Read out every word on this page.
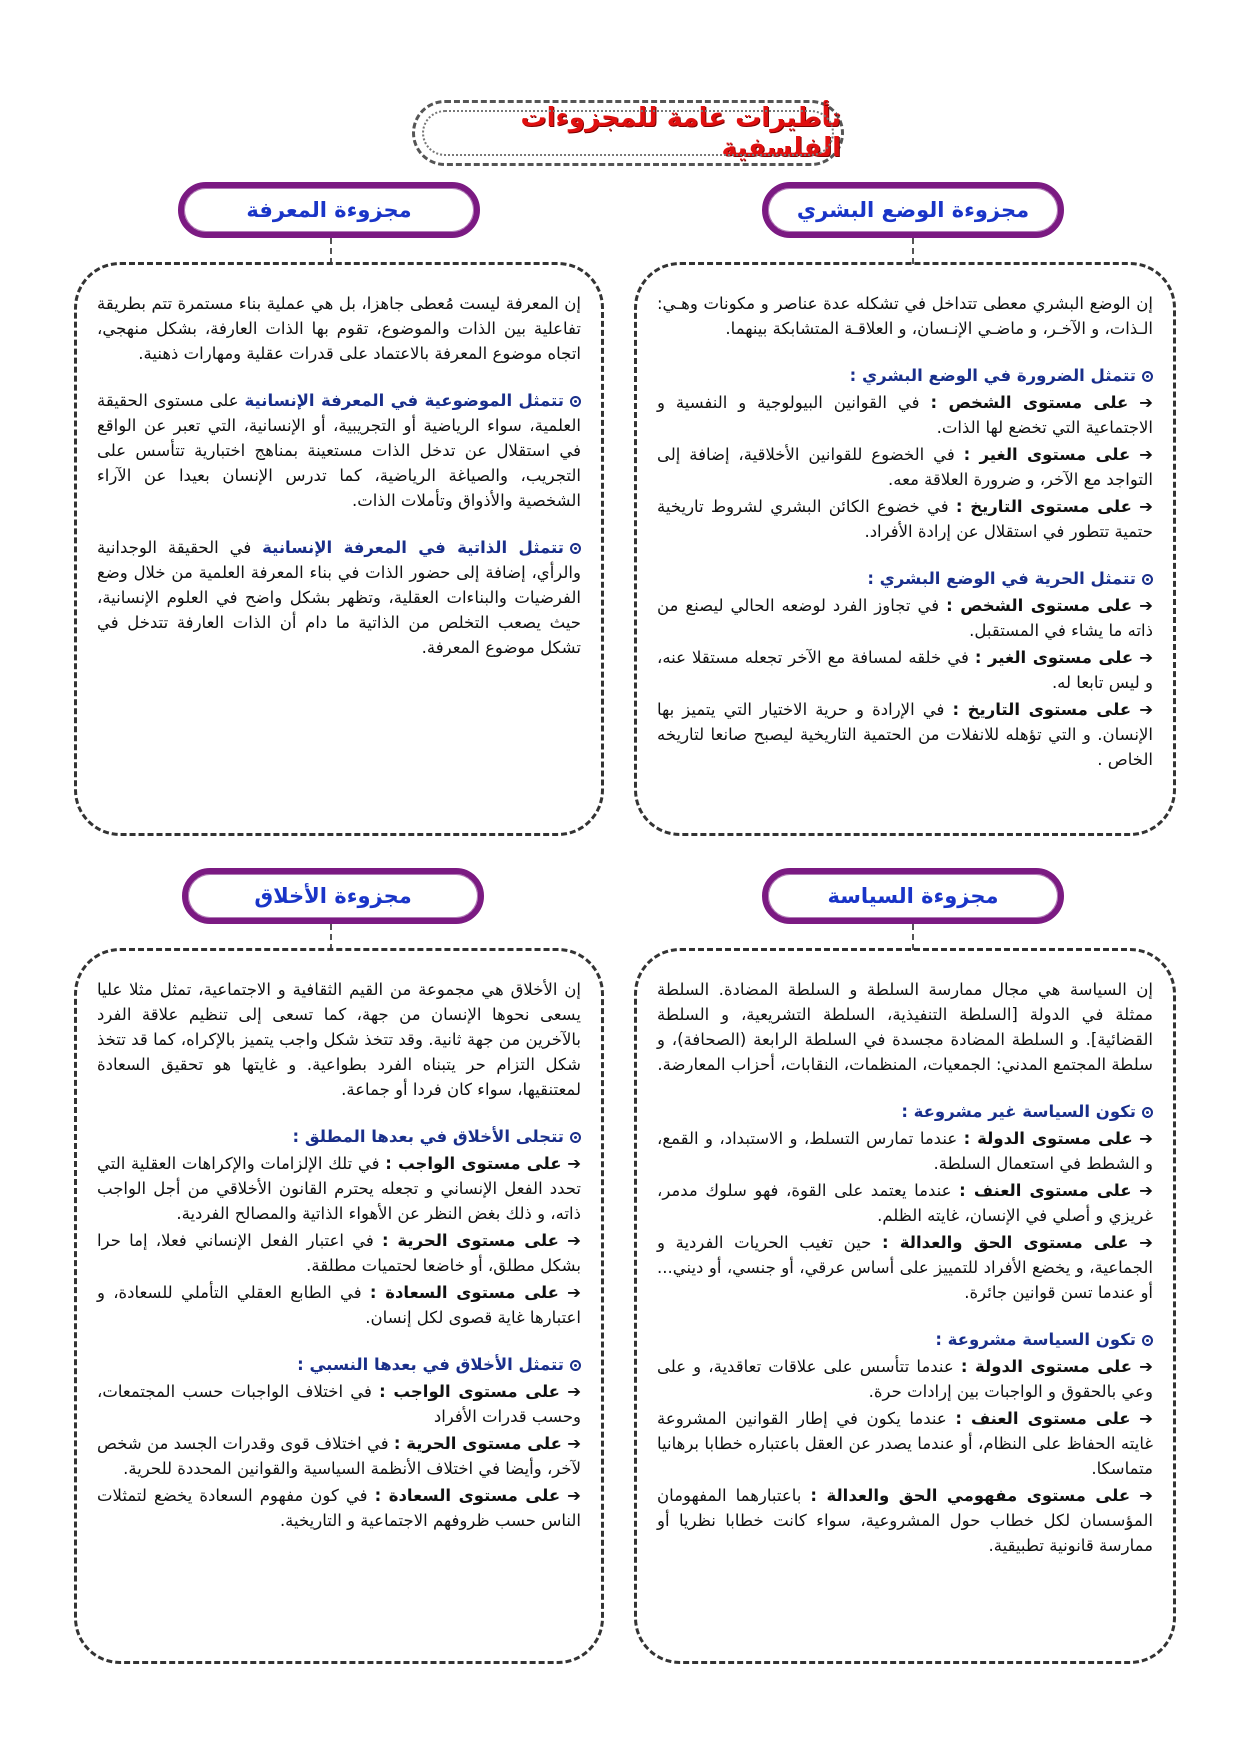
تأطيرات عامة للمجزوءات الفلسفية
مجزوءة الوضع البشري
مجزوءة المعرفة
مجزوءة السياسة
مجزوءة الأخلاق

إن الوضع البشري معطى تتداخل في تشكله عدة عناصر و مكونات وهـي: الـذات، و الآخـر، و ماضـي الإنـسان، و العلاقـة المتشابكة بينهما.

تتمثل الضرورة في الوضع البشري :

➔ على مستوى الشخص : في القوانين البيولوجية و النفسية و الاجتماعية التي تخضع لها الذات.

➔ على مستوى الغير : في الخضوع للقوانين الأخلاقية، إضافة إلى التواجد مع الآخر، و ضرورة العلاقة معه.

➔ على مستوى التاريخ : في خضوع الكائن البشري لشروط تاريخية حتمية تتطور في استقلال عن إرادة الأفراد.

تتمثل الحرية في الوضع البشري :

➔ على مستوى الشخص : في تجاوز الفرد لوضعه الحالي ليصنع من ذاته ما يشاء في المستقبل.

➔ على مستوى الغير : في خلقه لمسافة مع الآخر تجعله مستقلا عنه، و ليس تابعا له.

➔ على مستوى التاريخ : في الإرادة و حرية الاختيار التي يتميز بها الإنسان. و التي تؤهله للانفلات من الحتمية التاريخية ليصبح صانعا لتاريخه الخاص .

إن المعرفة ليست مُعطى جاهزا، بل هي عملية بناء مستمرة تتم بطريقة تفاعلية بين الذات والموضوع، تقوم بها الذات العارفة، بشكل منهجي، اتجاه موضوع المعرفة بالاعتماد على قدرات عقلية ومهارات ذهنية.

تتمثل الموضوعية في المعرفة الإنسانية على مستوى الحقيقة العلمية، سواء الرياضية أو التجريبية، أو الإنسانية، التي تعبر عن الواقع في استقلال عن تدخل الذات مستعينة بمناهج اختبارية تتأسس على التجريب، والصياغة الرياضية، كما تدرس الإنسان بعيدا عن الآراء الشخصية والأذواق وتأملات الذات.

تتمثل الذاتية في المعرفة الإنسانية في الحقيقة الوجدانية والرأي، إضافة إلى حضور الذات في بناء المعرفة العلمية من خلال وضع الفرضيات والبناءات العقلية، وتظهر بشكل واضح في العلوم الإنسانية، حيث يصعب التخلص من الذاتية ما دام أن الذات العارفة تتدخل في تشكل موضوع المعرفة.

إن السياسة هي مجال ممارسة السلطة و السلطة المضادة. السلطة ممثلة في الدولة [السلطة التنفيذية، السلطة التشريعية، و السلطة القضائية]. و السلطة المضادة مجسدة في السلطة الرابعة (الصحافة)، و سلطة المجتمع المدني: الجمعيات، المنظمات، النقابات، أحزاب المعارضة.

تكون السياسة غير مشروعة :

➔ على مستوى الدولة : عندما تمارس التسلط، و الاستبداد، و القمع، و الشطط في استعمال السلطة.

➔ على مستوى العنف : عندما يعتمد على القوة، فهو سلوك مدمر، غريزي و أصلي في الإنسان، غايته الظلم.

➔ على مستوى الحق والعدالة : حين تغيب الحريات الفردية و الجماعية، و يخضع الأفراد للتمييز على أساس عرقي، أو جنسي، أو ديني... أو عندما تسن قوانين جائرة.

تكون السياسة مشروعة :

➔ على مستوى الدولة : عندما تتأسس على علاقات تعاقدية، و على وعي بالحقوق و الواجبات بين إرادات حرة.

➔ على مستوى العنف : عندما يكون في إطار القوانين المشروعة غايته الحفاظ على النظام، أو عندما يصدر عن العقل باعتباره خطابا برهانيا متماسكا.

➔ على مستوى مفهومي الحق والعدالة : باعتبارهما المفهومان المؤسسان لكل خطاب حول المشروعية، سواء كانت خطابا نظريا أو ممارسة قانونية تطبيقية.

إن الأخلاق هي مجموعة من القيم الثقافية و الاجتماعية، تمثل مثلا عليا يسعى نحوها الإنسان من جهة، كما تسعى إلى تنظيم علاقة الفرد بالآخرين من جهة ثانية. وقد تتخذ شكل واجب يتميز بالإكراه، كما قد تتخذ شكل التزام حر يتبناه الفرد بطواعية. و غايتها هو تحقيق السعادة لمعتنقيها، سواء كان فردا أو جماعة.

تتجلى الأخلاق في بعدها المطلق :

➔ على مستوى الواجب : في تلك الإلزامات والإكراهات العقلية التي تحدد الفعل الإنساني و تجعله يحترم القانون الأخلاقي من أجل الواجب ذاته، و ذلك بغض النظر عن الأهواء الذاتية والمصالح الفردية.

➔ على مستوى الحرية : في اعتبار الفعل الإنساني فعلا، إما حرا بشكل مطلق، أو خاضعا لحتميات مطلقة.

➔ على مستوى السعادة : في الطابع العقلي التأملي للسعادة، و اعتبارها غاية قصوى لكل إنسان.

تتمثل الأخلاق في بعدها النسبي :

➔ على مستوى الواجب : في اختلاف الواجبات حسب المجتمعات، وحسب قدرات الأفراد

➔ على مستوى الحرية : في اختلاف قوى وقدرات الجسد من شخص لآخر، وأيضا في اختلاف الأنظمة السياسية والقوانين المحددة للحرية.

➔ على مستوى السعادة : في كون مفهوم السعادة يخضع لتمثلات الناس حسب ظروفهم الاجتماعية و التاريخية.
